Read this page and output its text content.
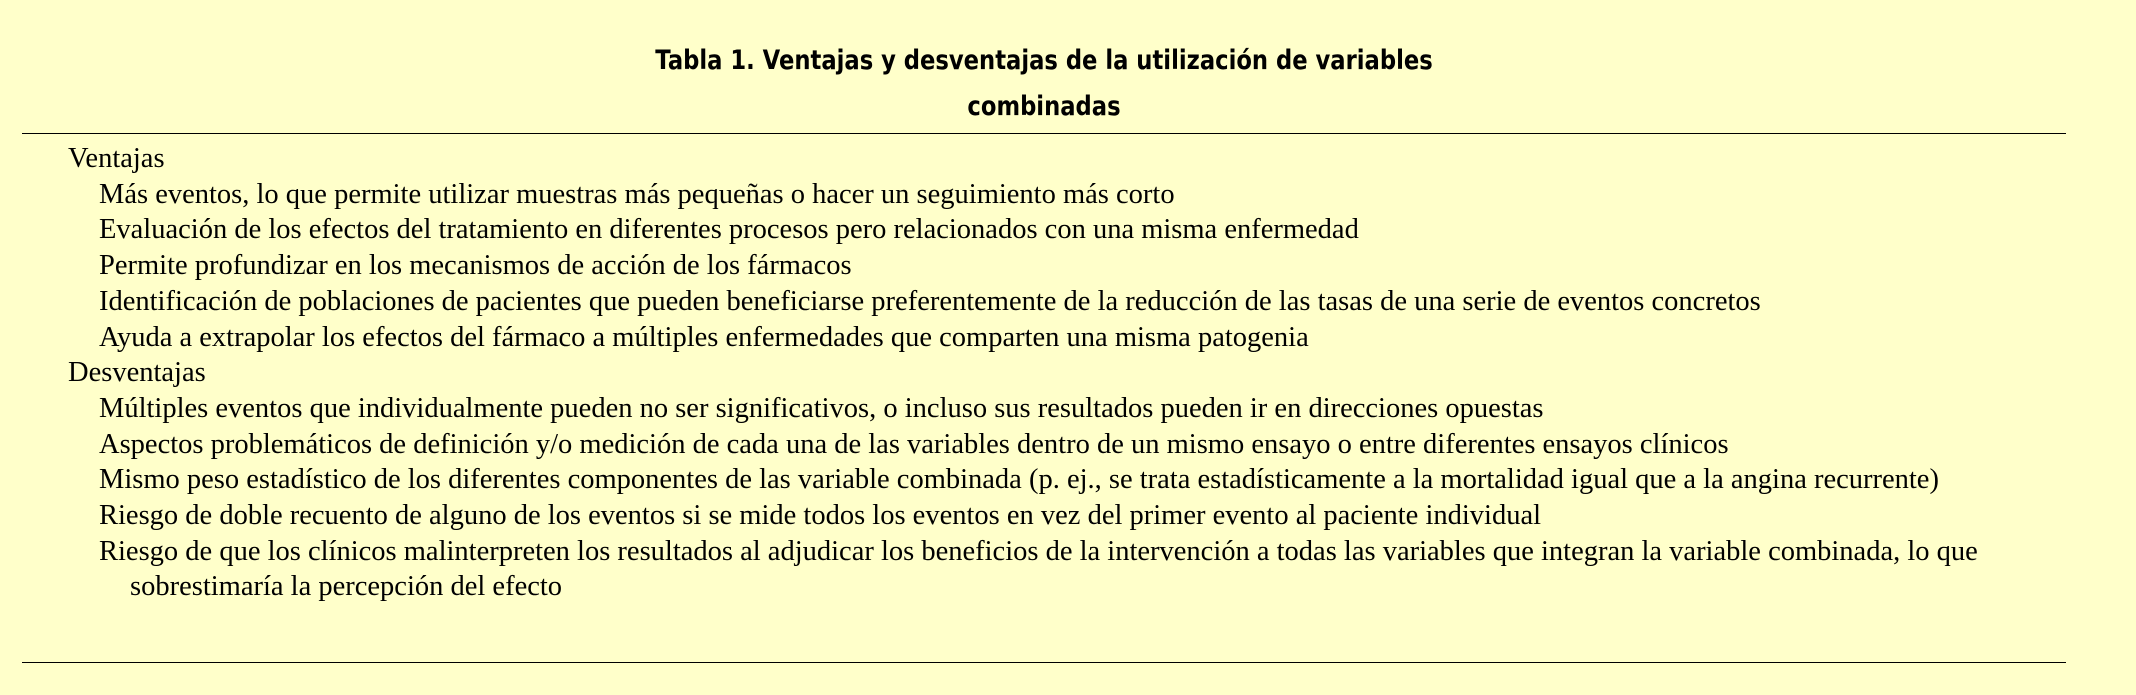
Tabla 1. Ventajas y desventajas de la utilización de variables
combinadas
Ventajas
Más eventos, lo que permite utilizar muestras más pequeñas o hacer un seguimiento más corto
Evaluación de los efectos del tratamiento en diferentes procesos pero relacionados con una misma enfermedad
Permite profundizar en los mecanismos de acción de los fármacos
Identificación de poblaciones de pacientes que pueden beneficiarse preferentemente de la reducción de las tasas de una serie de eventos concretos
Ayuda a extrapolar los efectos del fármaco a múltiples enfermedades que comparten una misma patogenia
Desventajas
Múltiples eventos que individualmente pueden no ser significativos, o incluso sus resultados pueden ir en direcciones opuestas
Aspectos problemáticos de definición y/o medición de cada una de las variables dentro de un mismo ensayo o entre diferentes ensayos clínicos
Mismo peso estadístico de los diferentes componentes de las variable combinada (p. ej., se trata estadísticamente a la mortalidad igual que a la angina recurrente)
Riesgo de doble recuento de alguno de los eventos si se mide todos los eventos en vez del primer evento al paciente individual
Riesgo de que los clínicos malinterpreten los resultados al adjudicar los beneficios de la intervención a todas las variables que integran la variable combinada, lo que sobrestimaría la percepción del efecto
